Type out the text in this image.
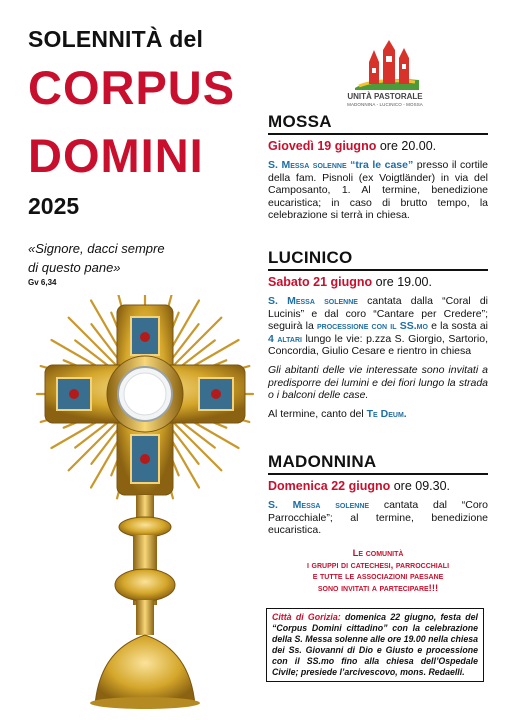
SOLENNITÀ del
CORPUS
DOMINI
2025
«Signore, dacci sempre
di questo pane»
Gv 6,34
UNITÀ PASTORALE
MADONNINA - LUCINICO - MOSSA
MOSSA
Giovedì 19 giugno ore 20.00.
S. Messa solenne “tra le case” presso il cortile della fam. Pisnoli (ex Voigtländer) in via del Camposanto, 1. Al termine, benedizione eucaristica; in caso di brutto tempo, la celebrazione si terrà in chiesa.
LUCINICO
Sabato 21 giugno ore 19.00.
S. Messa solenne cantata dalla “Coral di Lucinis” e dal coro “Cantare per Credere”; seguirà la processione con il SS.mo e la sosta ai 4 altari lungo le vie: p.zza S. Giorgio, Sartorio, Concordia, Giulio Cesare e rientro in chiesa
Gli abitanti delle vie interessate sono invitati a predisporre dei lumini e dei fiori lungo la strada o i balconi delle case.
Al termine, canto del Te Deum.
MADONNINA
Domenica 22 giugno ore 09.30.
S. Messa solenne cantata dal “Coro Parrocchiale”; al termine, benedizione eucaristica.
Le comunità
i gruppi di catechesi, parrocchiali
e tutte le associazioni paesane
sono invitati a partecipare!!!
Città di Gorizia: domenica 22 giugno, festa del “Corpus Domini cittadino” con la celebrazione della S. Messa solenne alle ore 19.00 nella chiesa dei Ss. Giovanni di Dio e Giusto e processione con il SS.mo fino alla chiesa dell’Ospedale Civile; presiede l’arcivescovo, mons. Redaelli.
